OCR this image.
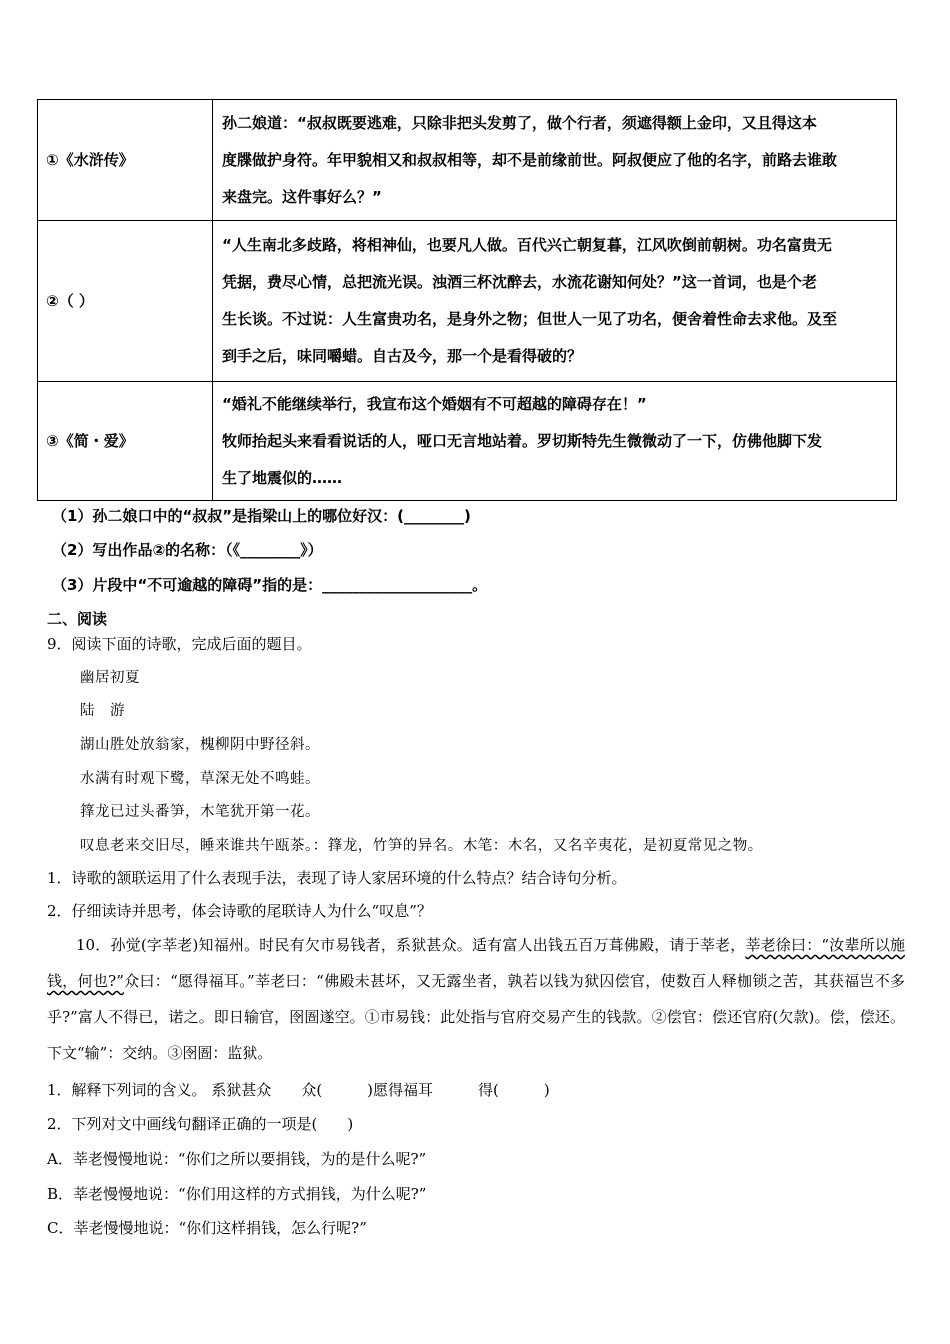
①《水浒传》	孙二娘道：“叔叔既要逃难，只除非把头发剪了，做个行者，须遮得额上金印，又且得这本
度牒做护身符。年甲貌相又和叔叔相等，却不是前缘前世。阿叔便应了他的名字，前路去谁敢
来盘完。这件事好么？”

②（ ）	“人生南北多歧路，将相神仙，也要凡人做。百代兴亡朝复暮，江风吹倒前朝树。功名富贵无
凭据，费尽心情，总把流光误。浊酒三杯沈醉去，水流花谢知何处？”这一首词，也是个老
生长谈。不过说：人生富贵功名，是身外之物；但世人一见了功名，便舍着性命去求他。及至
到手之后，味同嚼蜡。自古及今，那一个是看得破的？

③《简・爱》	“婚礼不能继续举行，我宣布这个婚姻有不可超越的障碍存在！”
牧师抬起头来看看说话的人，哑口无言地站着。罗切斯特先生微微动了一下，仿佛他脚下发
生了地震似的……
（1）孙二娘口中的“叔叔”是指梁山上的哪位好汉：(________)
（2）写出作品②的名称：（《________》）
（3）片段中“不可逾越的障碍”指的是：____________________。
二、阅读
9．阅读下面的诗歌，完成后面的题目。
幽居初夏
陆　游
湖山胜处放翁家，槐柳阴中野径斜。
水满有时观下鹭，草深无处不鸣蛙。
箨龙已过头番笋，木笔犹开第一花。
叹息老来交旧尽，睡来谁共午瓯茶。：箨龙，竹笋的异名。木笔：木名，又名辛夷花，是初夏常见之物。
1．诗歌的颔联运用了什么表现手法，表现了诗人家居环境的什么特点？结合诗句分析。
2．仔细读诗并思考，体会诗歌的尾联诗人为什么“叹息”？
10．孙觉(字莘老)知福州。时民有欠市易钱者，系狱甚众。适有富人出钱五百万葺佛殿，请于莘老，莘老徐曰：“汝辈所以施钱，何也?”众曰：“愿得福耳。”莘老曰：“佛殿未甚坏，又无露坐者，孰若以钱为狱囚偿官，使数百人释枷锁之苦，其获福岂不多乎?”富人不得已，诺之。即日输官，囹圄遂空。①市易钱：此处指与官府交易产生的钱款。②偿官：偿还官府(欠款)。偿，偿还。下文“输”：交纳。③囹圄：监狱。
1．解释下列词的含义。 系狱甚众　　众(　　　)愿得福耳　　　得(　　　)
2．下列对文中画线句翻译正确的一项是(　　)
A．莘老慢慢地说：“你们之所以要捐钱，为的是什么呢?”
B．莘老慢慢地说：“你们用这样的方式捐钱，为什么呢?”
C．莘老慢慢地说：“你们这样捐钱，怎么行呢?”
